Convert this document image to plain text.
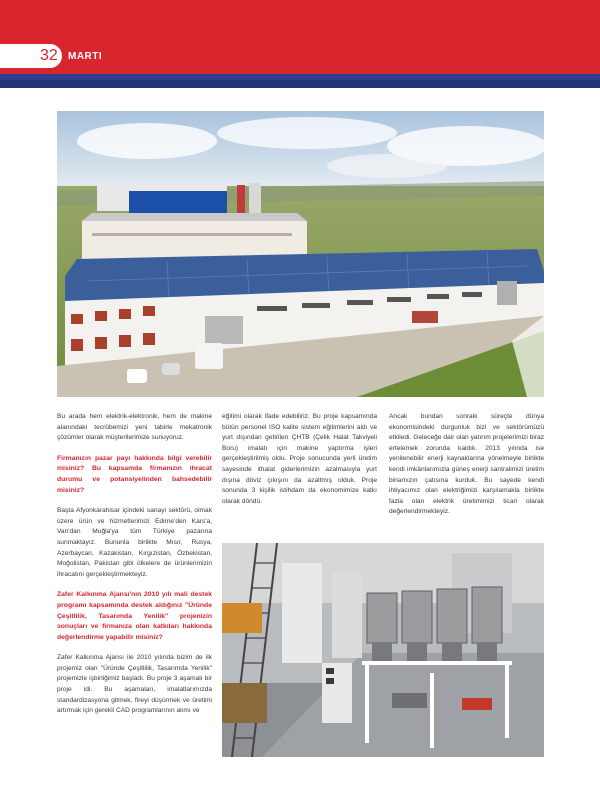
32 MARTI

Bu arada hem elektrik-elektronik, hem de makine alanındaki tecrübemizi yeni tabirle mekatronik çözümler olarak müşterilerimize sunuyoruz.

Firmanızın pazar payı hakkında bilgi verebilir misiniz? Bu kapsamda firmanızın ihracat durumu ve potansiyelinden bahsedebilir misiniz?

Başta Afyonkarahisar içindeki sanayi sektörü, olmak üzere ürün ve hizmetlerimizi Edirne'den Kars'a, Van'dan Muğla'ya tüm Türkiye pazarına sunmaktayız. Bununla birlikte Mısır, Rusya, Azerbaycan, Kazakistan, Kırgızistan, Özbekistan, Moğolistan, Pakistan gibi ülkelere de ürünlerimizin ihracatını gerçekleştirmekteyiz.

Zafer Kalkınma Ajansı'nın 2010 yılı mali destek programı kapsamında destek aldığınız "Üründe Çeşitlilik, Tasarımda Yenilik" projenizin sonuçları ve firmanıza olan katkıları hakkında değerlendirme yapabilir misiniz?

Zafer Kalkınma Ajansı ile 2010 yılında bizim de ilk projemiz olan "Üründe Çeşitlilik, Tasarımda Yenilik" projemizle işbirliğimiz başladı. Bu proje 3 aşamalı bir proje idi. Bu aşamaları, imalatlarımızda standardizasyona gitmek, fireyi düşürmek ve üretimi artırmak için gerekli CAD programlarının alımı ve

eğitimi olarak ifade edebiliriz. Bu proje kapsamında bütün personel ISO kalite sistem eğitimlerini aldı ve yurt dışından getirilen ÇHTB (Çelik Halat Takviyeli Boru) imalatı için makine yaptırma işleri gerçekleştirilmiş oldu. Proje sonucunda yerli üretim sayesinde ithalat giderlerimizin azalmasıyla yurt dışına döviz çıkışını da azaltmış olduk. Proje sonunda 3 kişilik istihdam da ekonomimize katkı olarak döndü.

Ancak bundan sonraki süreçte dünya ekonomisindeki durgunluk bizi ve sektörümüzü etkiledi. Geleceğe dair olan yatırım projelerimizi biraz ertelemek zorunda kaldık. 2013 yılında ise yenilenebilir enerji kaynaklarına yönelmeyle birlikte kendi imkânlarımızla güneş enerji santralimizi üretim binamızın çatısına kurduk. Bu sayede kendi ihtiyacımız olan elektriğimizi karşılamakla birlikte fazla olan elektrik üretimimizi ticari olarak değerlendirmekteyiz.
